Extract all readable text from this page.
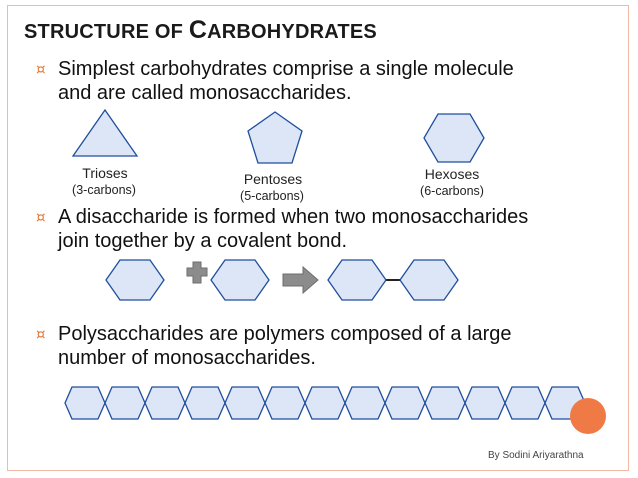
STRUCTURE OF CARBOHYDRATES
¤ Simplest carbohydrates comprise a single molecule
and are called monosaccharides.
¤ A disaccharide is formed when two monosaccharides
join together by a covalent bond.
¤ Polysaccharides are polymers composed of a large
number of monosaccharides.
Trioses
(3-carbons)
Pentoses
(5-carbons)
Hexoses
(6-carbons)
By Sodini Ariyarathna
